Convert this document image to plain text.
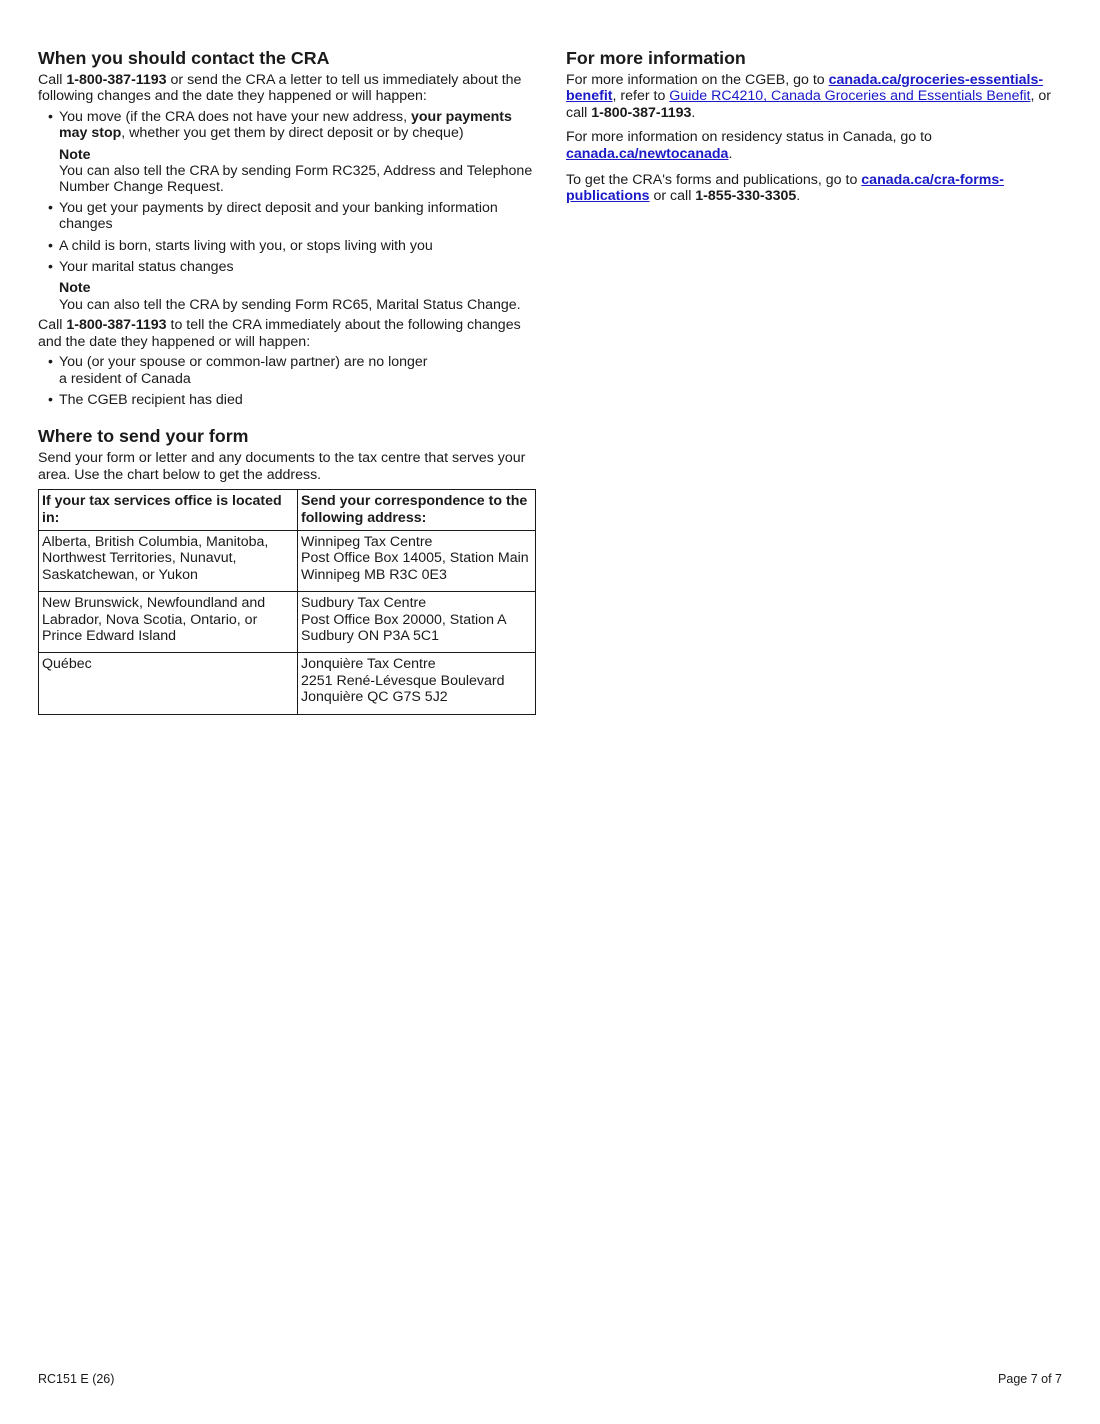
When you should contact the CRA

Call 1-800-387-1193 or send the CRA a letter to tell us immediately about the following changes and the date they happened or will happen:

• You move (if the CRA does not have your new address, your payments may stop, whether you get them by direct deposit or by cheque)
Note
You can also tell the CRA by sending Form RC325, Address and Telephone Number Change Request.
• You get your payments by direct deposit and your banking information changes
• A child is born, starts living with you, or stops living with you
• Your marital status changes
Note
You can also tell the CRA by sending Form RC65, Marital Status Change.

Call 1-800-387-1193 to tell the CRA immediately about the following changes and the date they happened or will happen:

• You (or your spouse or common-law partner) are no longer a resident of Canada
• The CGEB recipient has died
Where to send your form

Send your form or letter and any documents to the tax centre that serves your area. Use the chart below to get the address.

If your tax services office is located in:	Send your correspondence to the following address:
Alberta, British Columbia, Manitoba, Northwest Territories, Nunavut, Saskatchewan, or Yukon	Winnipeg Tax Centre
Post Office Box 14005, Station Main
Winnipeg MB R3C 0E3

New Brunswick, Newfoundland and Labrador, Nova Scotia, Ontario, or Prince Edward Island	Sudbury Tax Centre
Post Office Box 20000, Station A
Sudbury ON P3A 5C1

Québec	Jonquière Tax Centre
2251 René-Lévesque Boulevard
Jonquière QC G7S 5J2
For more information

For more information on the CGEB, go to canada.ca/groceries-essentials-benefit, refer to Guide RC4210, Canada Groceries and Essentials Benefit, or call 1-800-387-1193.

For more information on residency status in Canada, go to canada.ca/newtocanada.

To get the CRA's forms and publications, go to canada.ca/cra-forms-publications or call 1-855-330-3305.

RC151 E (26)	Page 7 of 7
